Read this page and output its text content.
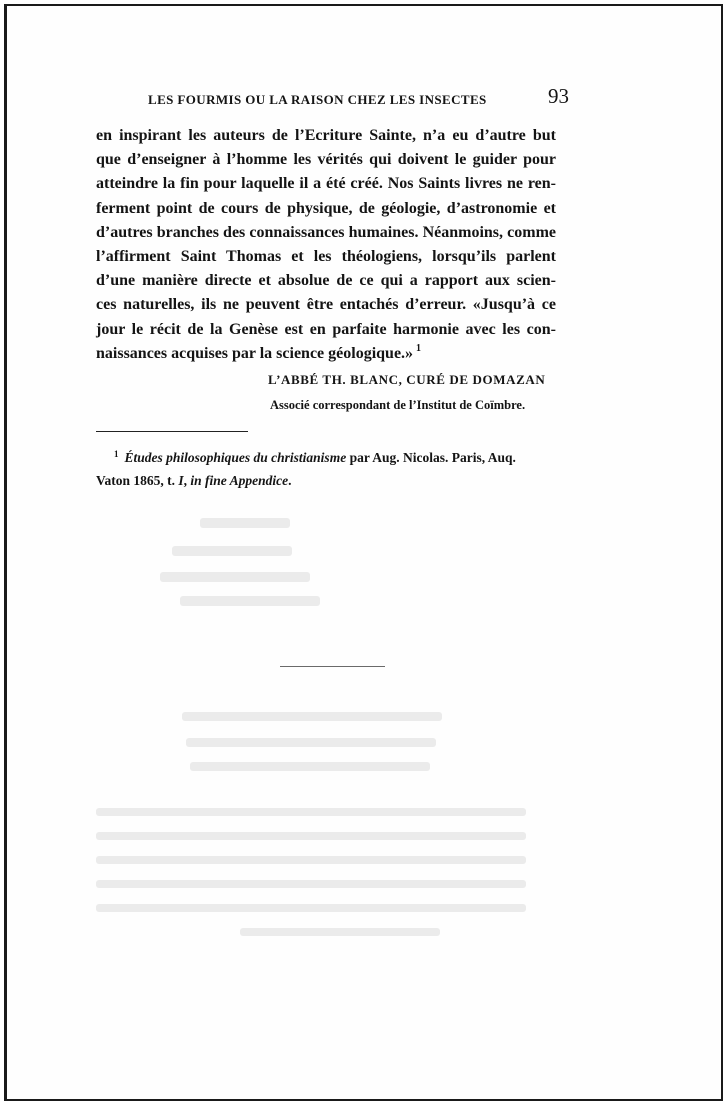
LES FOURMIS OU LA RAISON CHEZ LES INSECTES	93
en inspirant les auteurs de l’Ecriture Sainte, n’a eu d’autre but
que d’enseigner à l’homme les vérités qui doivent le guider pour
atteindre la fin pour laquelle il a été créé. Nos Saints livres ne ren-
ferment point de cours de physique, de géologie, d’astronomie et
d’autres branches des connaissances humaines. Néanmoins, comme
l’affirment Saint Thomas et les théologiens, lorsqu’ils parlent
d’une manière directe et absolue de ce qui a rapport aux scien-
ces naturelles, ils ne peuvent être entachés d’erreur. «Jusqu’à ce
jour le récit de la Genèse est en parfaite harmonie avec les con-
naissances acquises par la science géologique.» $^1$
L’ABBÉ TH. BLANC, CURÉ DE DOMAZAN
Associé correspondant de l’Institut de Coïmbre.
$^1$ Études philosophiques du christianisme par Aug. Nicolas. Paris, Auq.
Vaton 1865, t. I, in fine Appendice.
